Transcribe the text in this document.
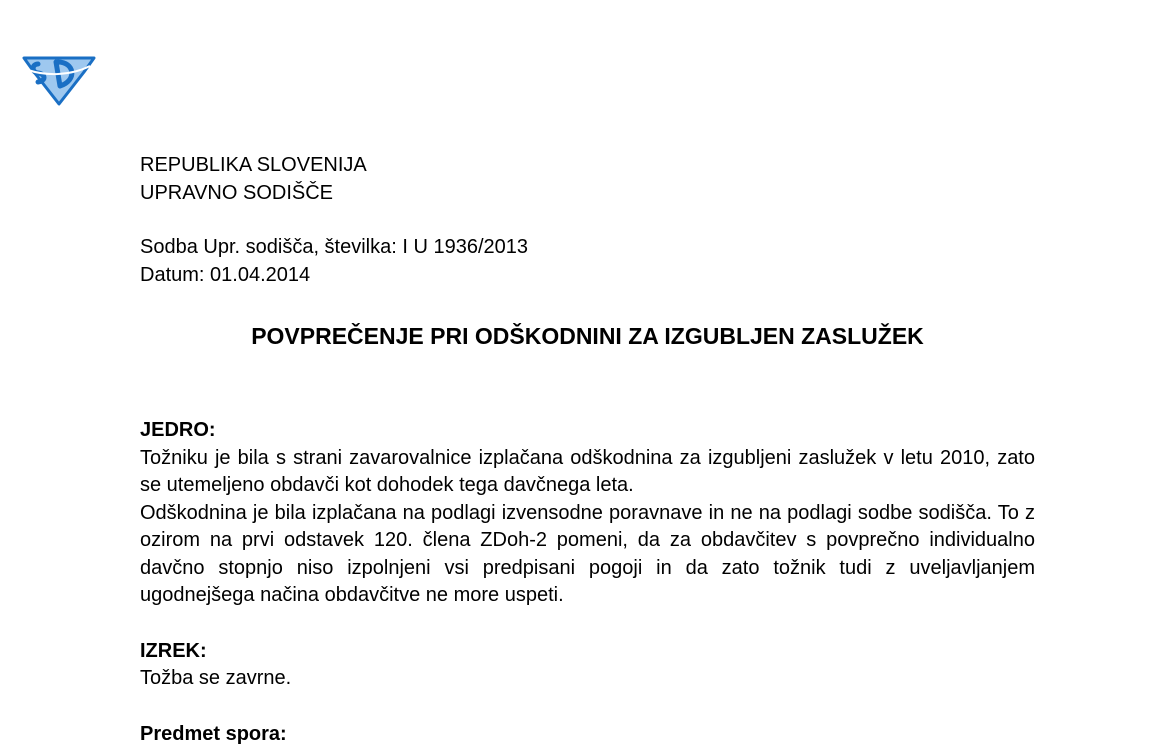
REPUBLIKA SLOVENIJA
UPRAVNO SODIŠČE
Sodba Upr. sodišča, številka: I U 1936/2013
Datum: 01.04.2014
POVPREČENJE PRI ODŠKODNINI ZA IZGUBLJEN ZASLUŽEK
JEDRO:
Tožniku je bila s strani zavarovalnice izplačana odškodnina za izgubljeni zaslužek v letu 2010, zato se utemeljeno obdavči kot dohodek tega davčnega leta.
Odškodnina je bila izplačana na podlagi izvensodne poravnave in ne na podlagi sodbe sodišča. To z ozirom na prvi odstavek 120. člena ZDoh-2 pomeni, da za obdavčitev s povprečno individualno davčno stopnjo niso izpolnjeni vsi predpisani pogoji in da zato tožnik tudi z uveljavljanjem ugodnejšega načina obdavčitve ne more uspeti.
IZREK:
Tožba se zavrne.
Predmet spora:
